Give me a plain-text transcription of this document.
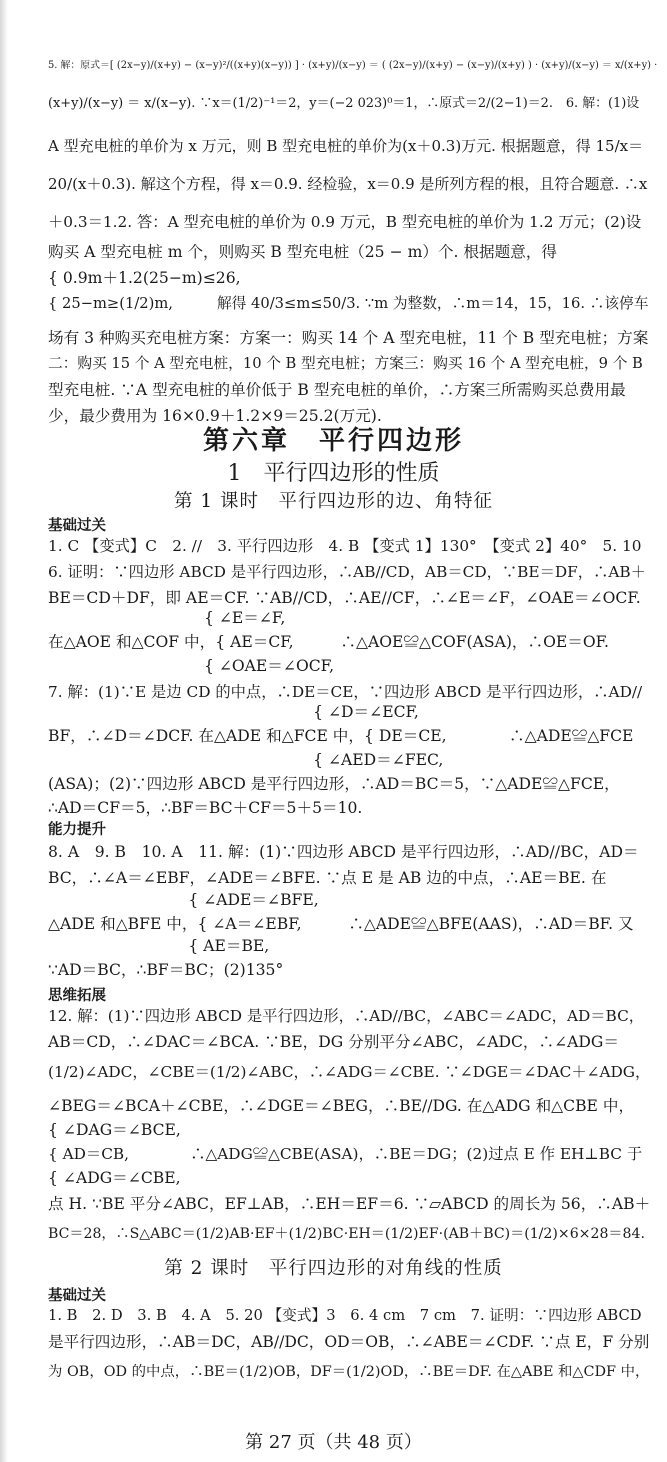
5. 解：原式＝[ (2x−y)/(x+y) − (x−y)²/((x+y)(x−y)) ] · (x+y)/(x−y) ＝ ( (2x−y)/(x+y) − (x−y)/(x+y) ) · (x+y)/(x−y) ＝ x/(x+y) ·
(x+y)/(x−y) ＝ x/(x−y). ∵x＝(1/2)⁻¹＝2，y＝(−2 023)⁰＝1，∴原式＝2/(2−1)＝2.　6. 解：(1)设
A 型充电桩的单价为 x 万元，则 B 型充电桩的单价为(x＋0.3)万元. 根据题意，得 15/x＝
20/(x＋0.3). 解这个方程，得 x＝0.9. 经检验，x＝0.9 是所列方程的根，且符合题意. ∴x
＋0.3＝1.2. 答：A 型充电桩的单价为 0.9 万元，B 型充电桩的单价为 1.2 万元；(2)设
购买 A 型充电桩 m 个，则购买 B 型充电桩（25 − m）个. 根据题意，得
{ 0.9m＋1.2(25−m)≤26,
{ 25−m≥(1/2)m,　　　解得 40/3≤m≤50/3. ∵m 为整数，∴m＝14，15，16. ∴该停车
场有 3 种购买充电桩方案：方案一：购买 14 个 A 型充电桩，11 个 B 型充电桩；方案
二：购买 15 个 A 型充电桩，10 个 B 型充电桩；方案三：购买 16 个 A 型充电桩，9 个 B
型充电桩. ∵A 型充电桩的单价低于 B 型充电桩的单价，∴方案三所需购买总费用最
少，最少费用为 16×0.9＋1.2×9＝25.2(万元).
第六章　平行四边形
1　平行四边形的性质
第 1 课时　平行四边形的边、角特征
基础过关
1. C 【变式】C　2. //　3. 平行四边形　4. B 【变式 1】130°　【变式 2】40°　5. 10
6. 证明：∵四边形 ABCD 是平行四边形，∴AB//CD，AB＝CD，∵BE＝DF，∴AB＋
BE＝CD＋DF，即 AE＝CF. ∵AB//CD，∴AE//CF，∴∠E＝∠F，∠OAE＝∠OCF.
　　　　　　　　　　{ ∠E＝∠F,
在△AOE 和△COF 中，{ AE＝CF,　　　∴△AOE≌△COF(ASA)，∴OE＝OF.
　　　　　　　　　　{ ∠OAE＝∠OCF,
7. 解：(1)∵E 是边 CD 的中点，∴DE＝CE，∵四边形 ABCD 是平行四边形，∴AD//
　　　　　　　　　　　　　　　　　{ ∠D＝∠ECF,
BF，∴∠D＝∠DCF. 在△ADE 和△FCE 中，{ DE＝CE,　　　　∴△ADE≌△FCE
　　　　　　　　　　　　　　　　　{ ∠AED＝∠FEC,
(ASA)；(2)∵四边形 ABCD 是平行四边形，∴AD＝BC＝5，∵△ADE≌△FCE，
∴AD＝CF＝5，∴BF＝BC＋CF＝5＋5＝10.
能力提升
8. A　9. B　10. A　11. 解：(1)∵四边形 ABCD 是平行四边形，∴AD//BC，AD＝
BC，∴∠A＝∠EBF，∠ADE＝∠BFE. ∵点 E 是 AB 边的中点，∴AE＝BE. 在
　　　　　　　　　{ ∠ADE＝∠BFE,
△ADE 和△BFE 中，{ ∠A＝∠EBF,　　　∴△ADE≌△BFE(AAS)，∴AD＝BF. 又
　　　　　　　　　{ AE＝BE,
∵AD＝BC，∴BF＝BC；(2)135°
思维拓展
12. 解：(1)∵四边形 ABCD 是平行四边形，∴AD//BC，∠ABC＝∠ADC，AD＝BC，
AB＝CD，∴∠DAC＝∠BCA. ∵BE，DG 分别平分∠ABC，∠ADC，∴∠ADG＝
(1/2)∠ADC，∠CBE＝(1/2)∠ABC，∴∠ADG＝∠CBE. ∵∠DGE＝∠DAC＋∠ADG，
∠BEG＝∠BCA＋∠CBE，∴∠DGE＝∠BEG，∴BE//DG. 在△ADG 和△CBE 中，
{ ∠DAG＝∠BCE,
{ AD＝CB,　　　　∴△ADG≌△CBE(ASA)，∴BE＝DG；(2)过点 E 作 EH⊥BC 于
{ ∠ADG＝∠CBE,
点 H. ∵BE 平分∠ABC，EF⊥AB，∴EH＝EF＝6. ∵▱ABCD 的周长为 56，∴AB＋
BC＝28，∴S△ABC＝(1/2)AB·EF＋(1/2)BC·EH＝(1/2)EF·(AB＋BC)＝(1/2)×6×28＝84.
第 2 课时　平行四边形的对角线的性质
基础过关
1. B　2. D　3. B　4. A　5. 20 【变式】3　6. 4 cm　7 cm　7. 证明：∵四边形 ABCD
是平行四边形，∴AB＝DC，AB//DC，OD＝OB，∴∠ABE＝∠CDF. ∵点 E，F 分别
为 OB，OD 的中点，∴BE＝(1/2)OB，DF＝(1/2)OD，∴BE＝DF. 在△ABE 和△CDF 中，
第 27 页（共 48 页）
